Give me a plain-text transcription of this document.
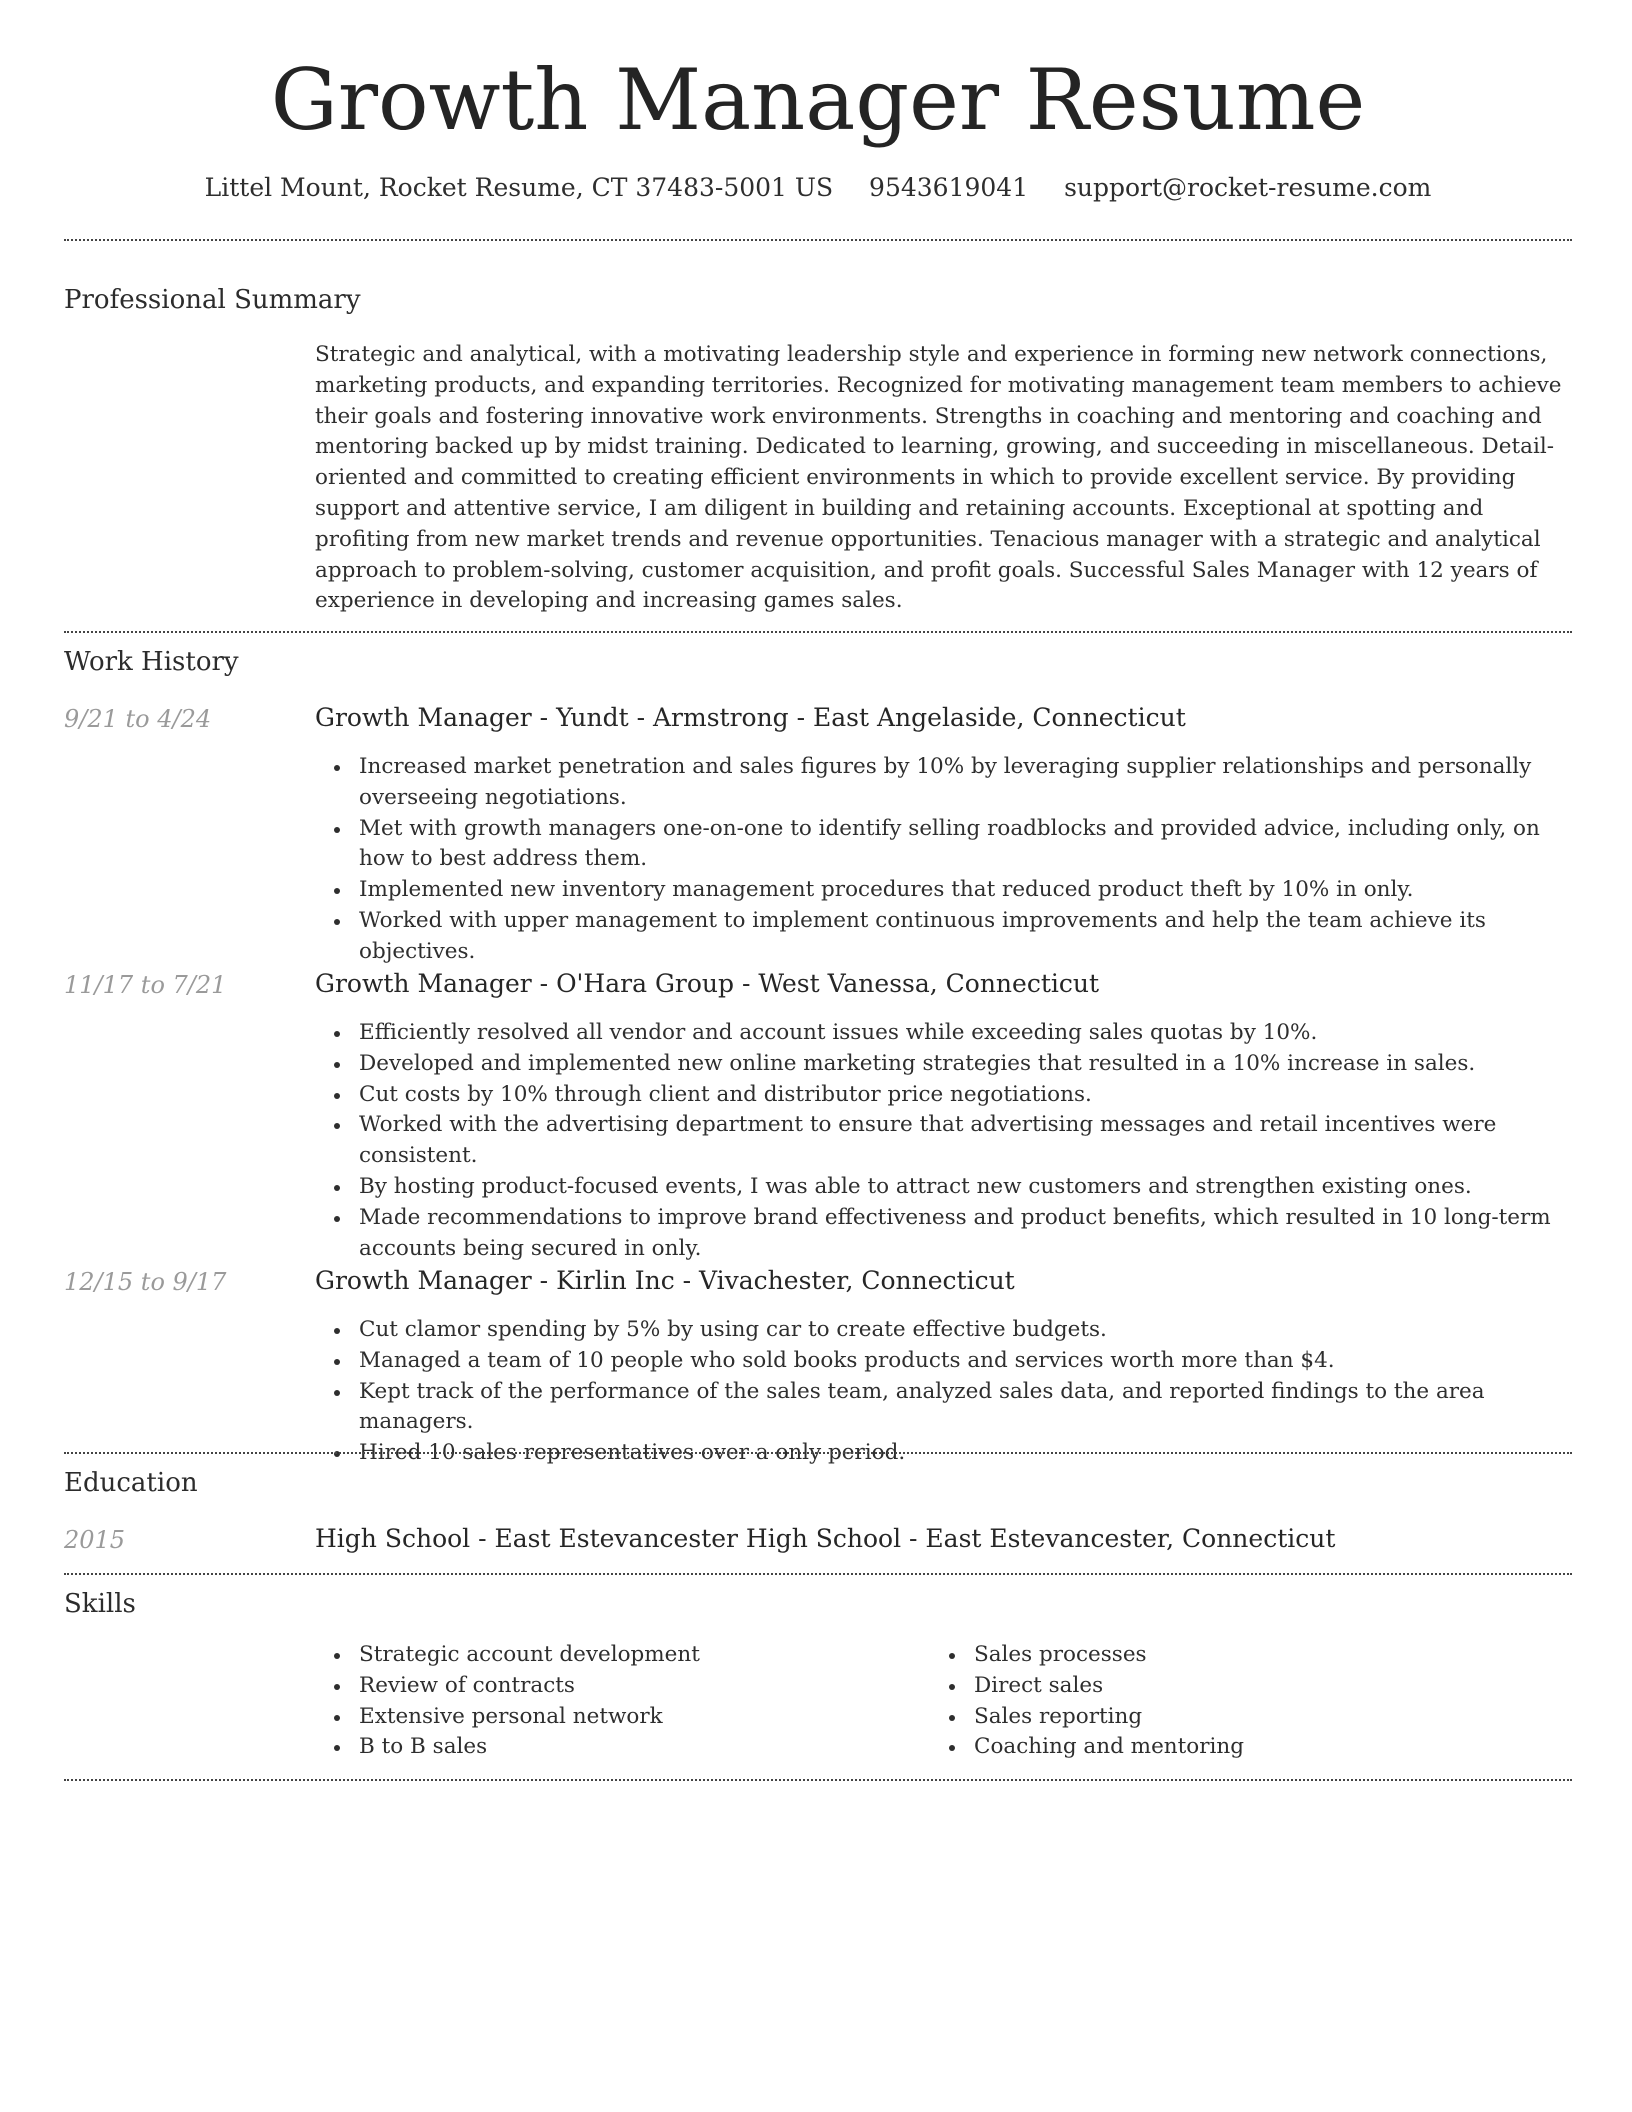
Growth Manager Resume
Littel Mount, Rocket Resume, CT 37483-5001 US 9543619041 support@rocket-resume.com
Professional Summary

Strategic and analytical, with a motivating leadership style and experience in forming new network connections, marketing products, and expanding territories. Recognized for motivating management team members to achieve their goals and fostering innovative work environments. Strengths in coaching and mentoring and coaching and mentoring backed up by midst training. Dedicated to learning, growing, and succeeding in miscellaneous. Detail-oriented and committed to creating efficient environments in which to provide excellent service. By providing support and attentive service, I am diligent in building and retaining accounts. Exceptional at spotting and profiting from new market trends and revenue opportunities. Tenacious manager with a strategic and analytical approach to problem-solving, customer acquisition, and profit goals. Successful Sales Manager with 12 years of experience in developing and increasing games sales.

Work History
9/21 to 4/24	Growth Manager - Yundt - Armstrong - East Angelaside, Connecticut
Increased market penetration and sales figures by 10% by leveraging supplier relationships and personally overseeing negotiations.
Met with growth managers one-on-one to identify selling roadblocks and provided advice, including only, on how to best address them.
Implemented new inventory management procedures that reduced product theft by 10% in only.
Worked with upper management to implement continuous improvements and help the team achieve its objectives.
11/17 to 7/21	Growth Manager - O'Hara Group - West Vanessa, Connecticut
Efficiently resolved all vendor and account issues while exceeding sales quotas by 10%.
Developed and implemented new online marketing strategies that resulted in a 10% increase in sales.
Cut costs by 10% through client and distributor price negotiations.
Worked with the advertising department to ensure that advertising messages and retail incentives were consistent.
By hosting product-focused events, I was able to attract new customers and strengthen existing ones.
Made recommendations to improve brand effectiveness and product benefits, which resulted in 10 long-term accounts being secured in only.
12/15 to 9/17	Growth Manager - Kirlin Inc - Vivachester, Connecticut
Cut clamor spending by 5% by using car to create effective budgets.
Managed a team of 10 people who sold books products and services worth more than $4.
Kept track of the performance of the sales team, analyzed sales data, and reported findings to the area managers.
Hired 10 sales representatives over a only period.
Education
2015	High School - East Estevancester High School - East Estevancester, Connecticut
Skills
Strategic account development
Review of contracts
Extensive personal network
B to B sales
Sales processes
Direct sales
Sales reporting
Coaching and mentoring
